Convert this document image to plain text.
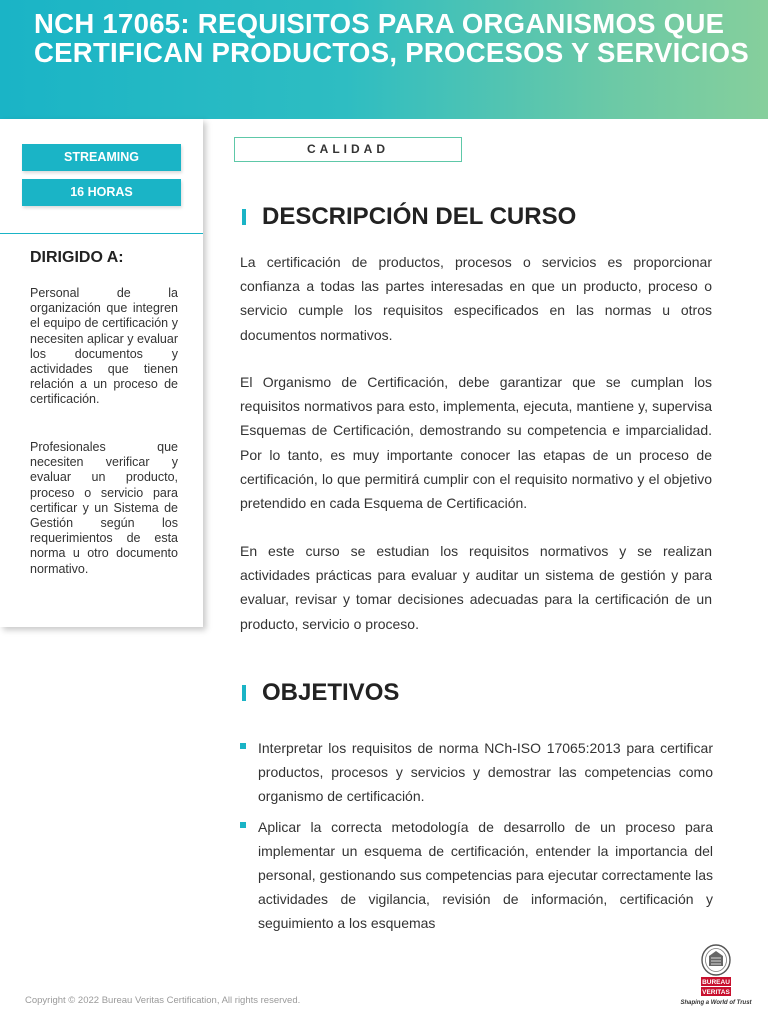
NCH 17065: REQUISITOS PARA ORGANISMOS QUE CERTIFICAN PRODUCTOS, PROCESOS Y SERVICIOS
STREAMING
16 HORAS
DIRIGIDO A:

Personal de la organización que integren el equipo de certificación y necesiten aplicar y evaluar los documentos y actividades que tienen relación a un proceso de certificación.

Profesionales que necesiten verificar y evaluar un producto, proceso o servicio para certificar y un Sistema de Gestión según los requerimientos de esta norma u otro documento normativo.

CALIDAD
DESCRIPCIÓN DEL CURSO

La certificación de productos, procesos o servicios es proporcionar confianza a todas las partes interesadas en que un producto, proceso o servicio cumple los requisitos especificados en las normas u otros documentos normativos.

El Organismo de Certificación, debe garantizar que se cumplan los requisitos normativos para esto, implementa, ejecuta, mantiene y, supervisa Esquemas de Certificación, demostrando su competencia e imparcialidad. Por lo tanto, es muy importante conocer las etapas de un proceso de certificación, lo que permitirá cumplir con el requisito normativo y el objetivo pretendido en cada Esquema de Certificación.

En este curso se estudian los requisitos normativos y se realizan actividades prácticas para evaluar y auditar un sistema de gestión y para evaluar, revisar y tomar decisiones adecuadas para la certificación de un producto, servicio o proceso.

OBJETIVOS

Interpretar los requisitos de norma NCh-ISO 17065:2013 para certificar productos, procesos y servicios y demostrar las competencias como organismo de certificación.

Aplicar la correcta metodología de desarrollo de un proceso para implementar un esquema de certificación, entender la importancia del personal, gestionando sus competencias para ejecutar correctamente las actividades de vigilancia, revisión de información, certificación y seguimiento a los esquemas

Copyright © 2022 Bureau Veritas Certification, All rights reserved.
BUREAU
VERITAS
Shaping a World of Trust
